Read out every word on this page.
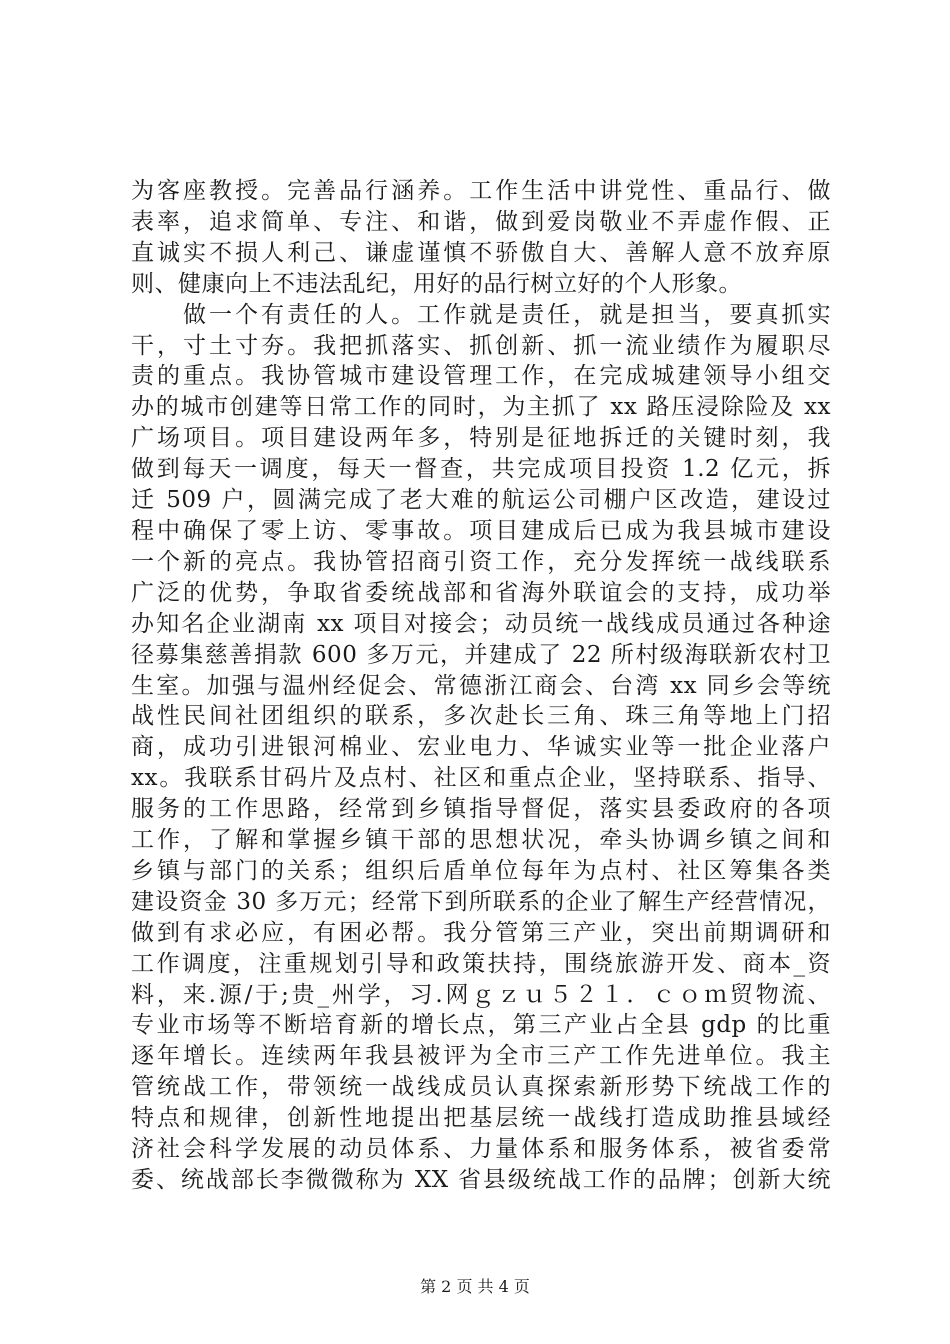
为客座教授。完善品行涵养。工作生活中讲党性、重品行、做
表率，追求简单、专注、和谐，做到爱岗敬业不弄虚作假、正
直诚实不损人利己、谦虚谨慎不骄傲自大、善解人意不放弃原
则、健康向上不违法乱纪，用好的品行树立好的个人形象。
做一个有责任的人。工作就是责任，就是担当，要真抓实
干，寸土寸夯。我把抓落实、抓创新、抓一流业绩作为履职尽
责的重点。我协管城市建设管理工作，在完成城建领导小组交
办的城市创建等日常工作的同时，为主抓了 xx 路压浸除险及 xx
广场项目。项目建设两年多，特别是征地拆迁的关键时刻，我
做到每天一调度，每天一督查，共完成项目投资 1.2 亿元，拆
迁 509 户，圆满完成了老大难的航运公司棚户区改造，建设过
程中确保了零上访、零事故。项目建成后已成为我县城市建设
一个新的亮点。我协管招商引资工作，充分发挥统一战线联系
广泛的优势，争取省委统战部和省海外联谊会的支持，成功举
办知名企业湖南 xx 项目对接会；动员统一战线成员通过各种途
径募集慈善捐款 600 多万元，并建成了 22 所村级海联新农村卫
生室。加强与温州经促会、常德浙江商会、台湾 xx 同乡会等统
战性民间社团组织的联系，多次赴长三角、珠三角等地上门招
商，成功引进银河棉业、宏业电力、华诚实业等一批企业落户
xx。我联系甘码片及点村、社区和重点企业，坚持联系、指导、
服务的工作思路，经常到乡镇指导督促，落实县委政府的各项
工作，了解和掌握乡镇干部的思想状况，牵头协调乡镇之间和
乡镇与部门的关系；组织后盾单位每年为点村、社区筹集各类
建设资金 30 多万元；经常下到所联系的企业了解生产经营情况，
做到有求必应，有困必帮。我分管第三产业，突出前期调研和
工作调度，注重规划引导和政策扶持，围绕旅游开发、商本_资
料，来.源/于;贵_州学，习.网ｇｚｕ５２１．ｃｏｍ贸物流、
专业市场等不断培育新的增长点，第三产业占全县 gdp 的比重
逐年增长。连续两年我县被评为全市三产工作先进单位。我主
管统战工作，带领统一战线成员认真探索新形势下统战工作的
特点和规律，创新性地提出把基层统一战线打造成助推县域经
济社会科学发展的动员体系、力量体系和服务体系，被省委常
委、统战部长李微微称为 XX 省县级统战工作的品牌；创新大统
第 2 页 共 4 页
